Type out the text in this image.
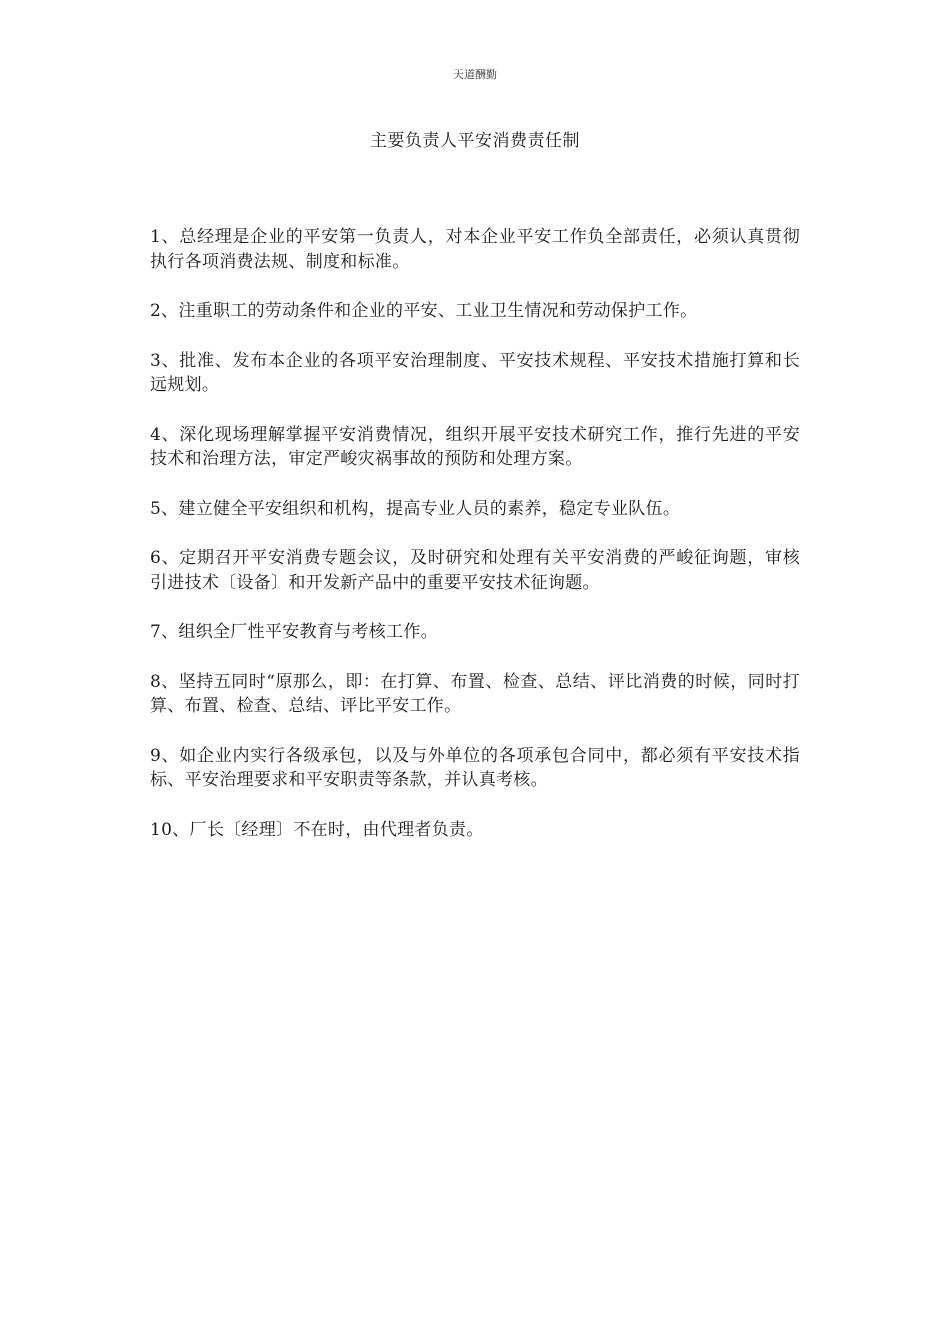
天道酬勤
主要负责人平安消费责任制
1、总经理是企业的平安第一负责人，对本企业平安工作负全部责任，必须认真贯彻执行各项消费法规、制度和标准。
2、注重职工的劳动条件和企业的平安、工业卫生情况和劳动保护工作。
3、批准、发布本企业的各项平安治理制度、平安技术规程、平安技术措施打算和长远规划。
4、深化现场理解掌握平安消费情况，组织开展平安技术研究工作，推行先进的平安技术和治理方法，审定严峻灾祸事故的预防和处理方案。
5、建立健全平安组织和机构，提高专业人员的素养，稳定专业队伍。
6、定期召开平安消费专题会议，及时研究和处理有关平安消费的严峻征询题，审核引进技术〔设备〕和开发新产品中的重要平安技术征询题。
7、组织全厂性平安教育与考核工作。
8、坚持五同时“原那么，即：在打算、布置、检查、总结、评比消费的时候，同时打算、布置、检查、总结、评比平安工作。
9、如企业内实行各级承包，以及与外单位的各项承包合同中，都必须有平安技术指标、平安治理要求和平安职责等条款，并认真考核。
10、厂长〔经理〕不在时，由代理者负责。
